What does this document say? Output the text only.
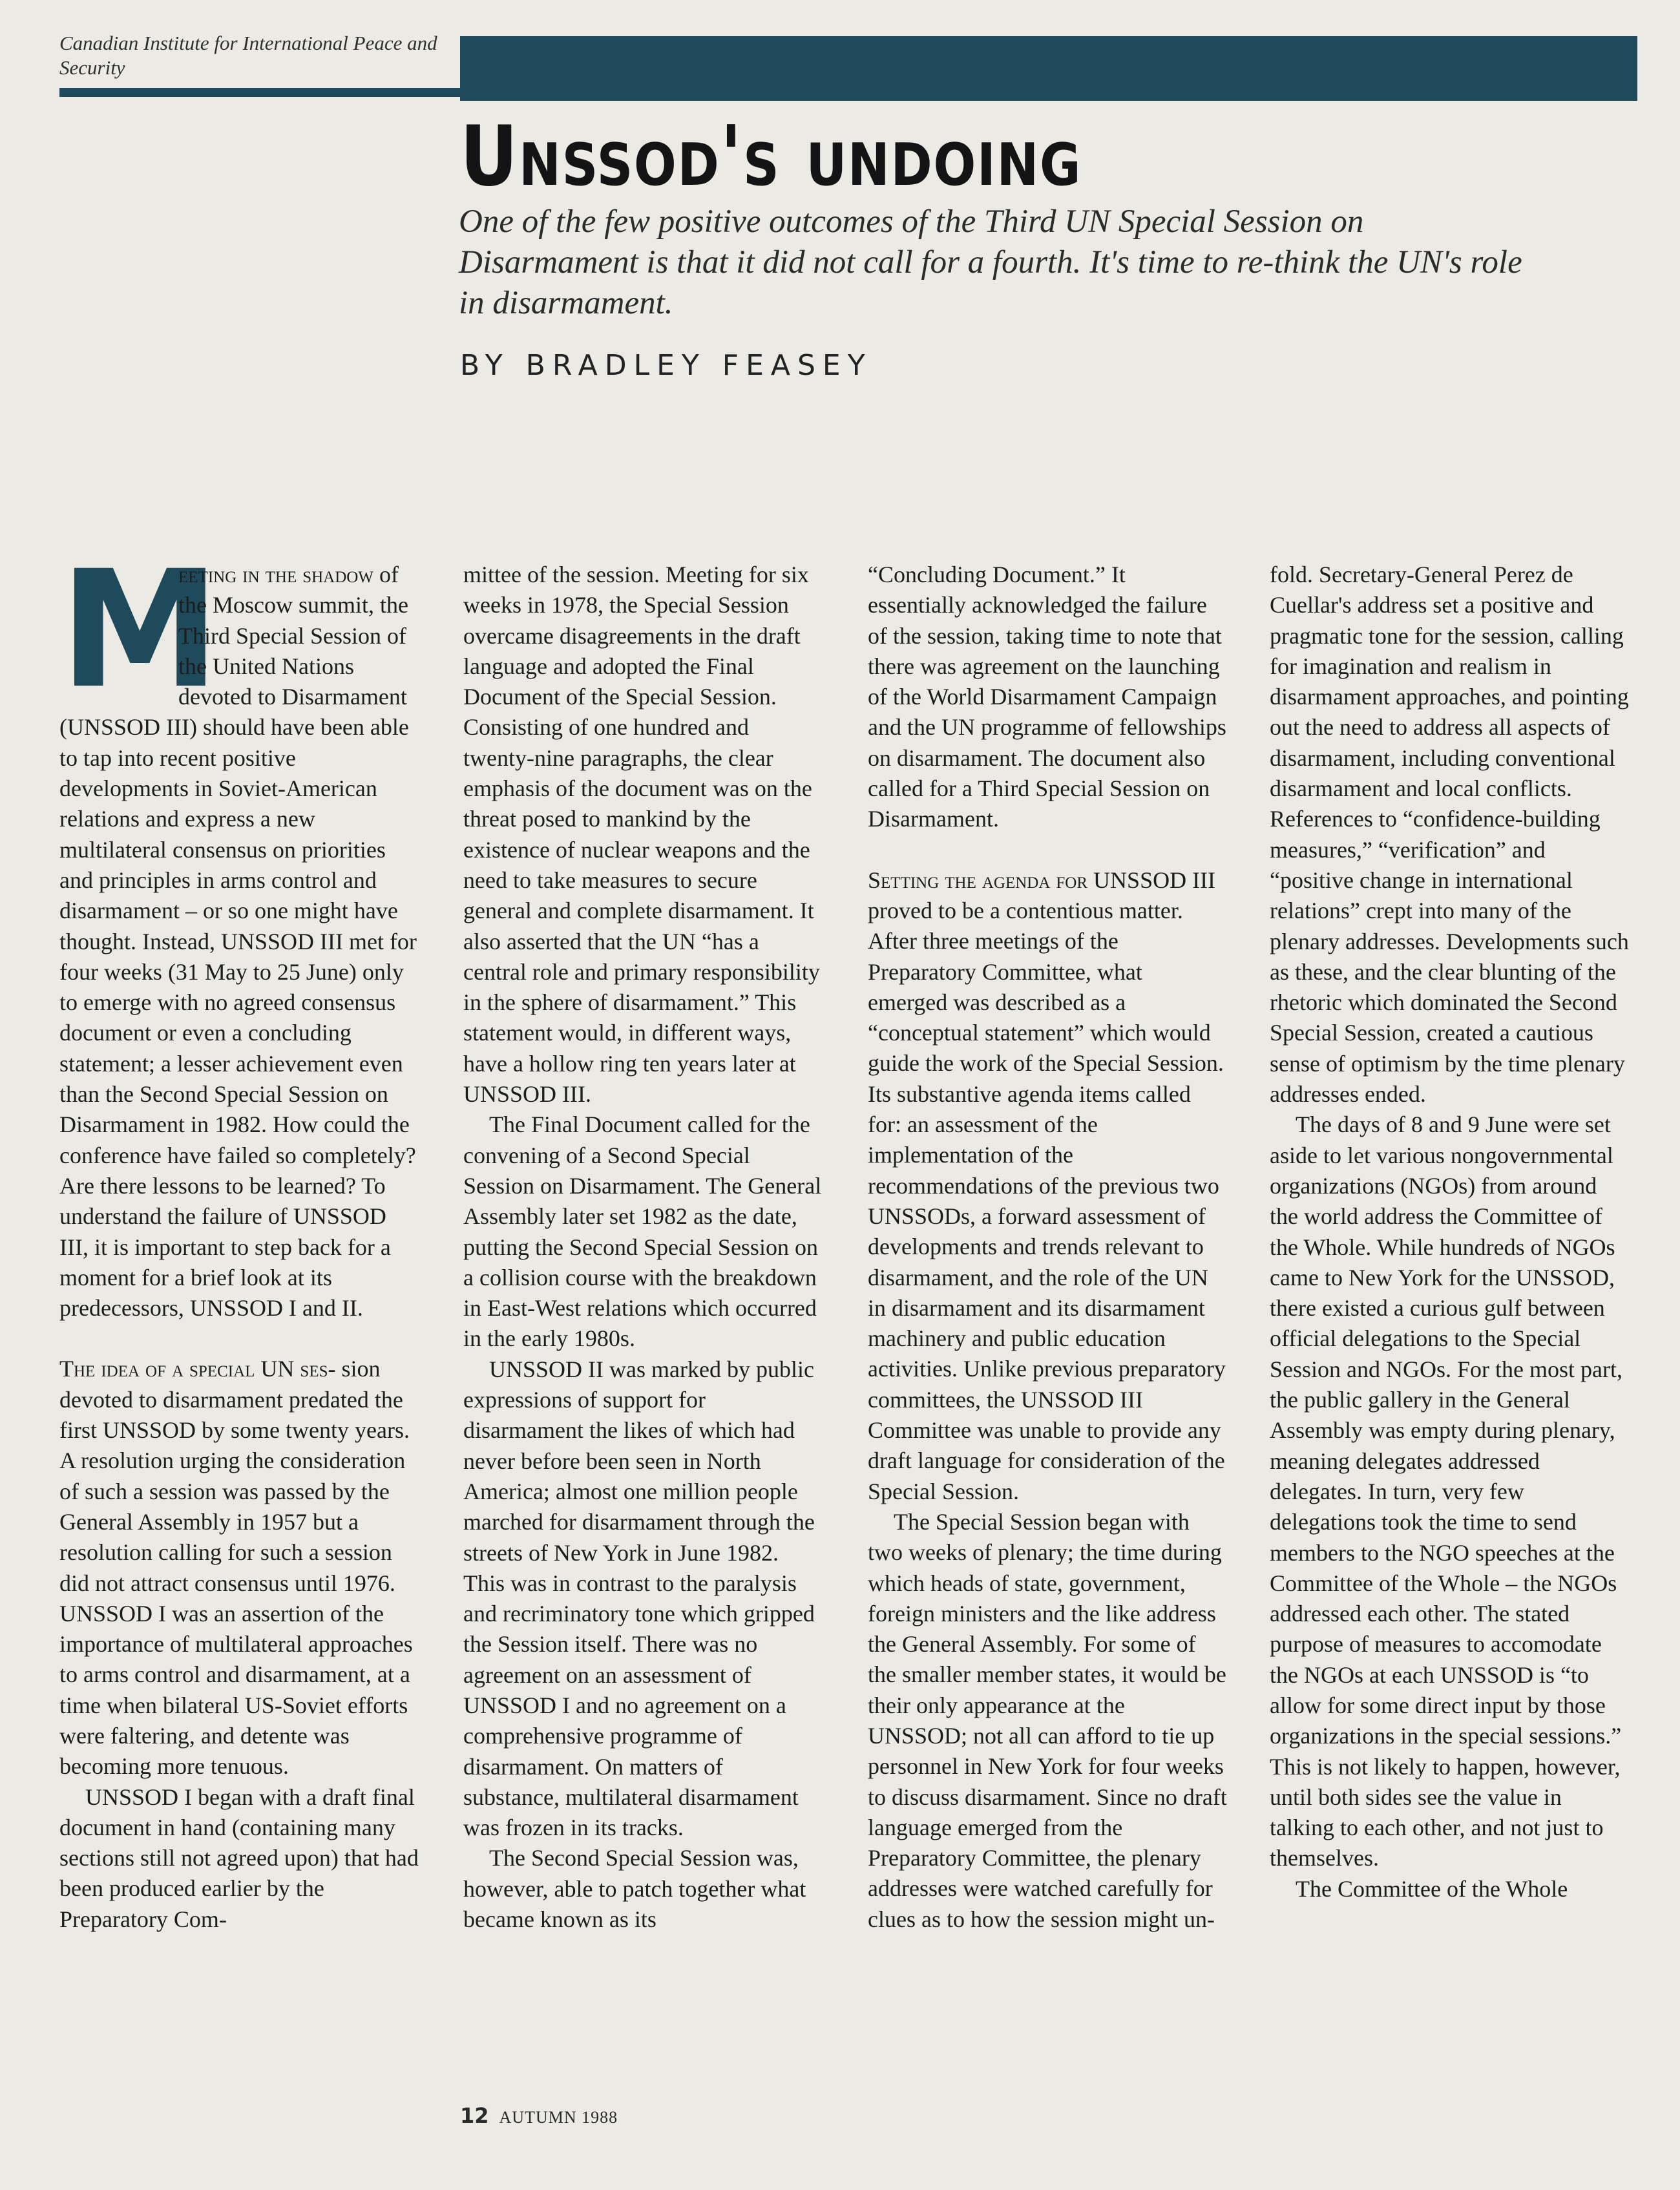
Canadian Institute for International Peace and Security
Unssod's undoing
One of the few positive outcomes of the Third UN Special Session on Disarmament is that it did not call for a fourth. It's time to re-think the UN's role in disarmament.
BY BRADLEY FEASEY
M

eeting in the shadow of the Moscow summit, the Third Special Session of the United Nations devoted to Disarmament (UNSSOD III) should have been able to tap into recent positive developments in Soviet-American relations and express a new multilateral consensus on priorities and principles in arms control and disarmament – or so one might have thought. Instead, UNSSOD III met for four weeks (31 May to 25 June) only to emerge with no agreed consensus document or even a concluding statement; a lesser achievement even than the Second Special Session on Disarmament in 1982. How could the conference have failed so completely? Are there lessons to be learned? To understand the failure of UNSSOD III, it is important to step back for a moment for a brief look at its predecessors, UNSSOD I and II.

The idea of a special UN ses- sion devoted to disarmament predated the first UNSSOD by some twenty years. A resolution urging the consideration of such a session was passed by the General Assembly in 1957 but a resolution calling for such a session did not attract consensus until 1976. UNSSOD I was an assertion of the importance of multilateral approaches to arms control and disarmament, at a time when bilateral US-Soviet efforts were faltering, and detente was becoming more tenuous.

UNSSOD I began with a draft final document in hand (containing many sections still not agreed upon) that had been produced earlier by the Preparatory Com-

mittee of the session. Meeting for six weeks in 1978, the Special Session overcame disagreements in the draft language and adopted the Final Document of the Special Session. Consisting of one hundred and twenty-nine paragraphs, the clear emphasis of the document was on the threat posed to mankind by the existence of nuclear weapons and the need to take measures to secure general and complete disarmament. It also asserted that the UN “has a central role and primary responsibility in the sphere of disarmament.” This statement would, in different ways, have a hollow ring ten years later at UNSSOD III.

The Final Document called for the convening of a Second Special Session on Disarmament. The General Assembly later set 1982 as the date, putting the Second Special Session on a collision course with the breakdown in East-West relations which occurred in the early 1980s.

UNSSOD II was marked by public expressions of support for disarmament the likes of which had never before been seen in North America; almost one million people marched for disarmament through the streets of New York in June 1982. This was in contrast to the paralysis and recriminatory tone which gripped the Session itself. There was no agreement on an assessment of UNSSOD I and no agreement on a comprehensive programme of disarmament. On matters of substance, multilateral disarmament was frozen in its tracks.

The Second Special Session was, however, able to patch together what became known as its

“Concluding Document.” It essentially acknowledged the failure of the session, taking time to note that there was agreement on the launching of the World Disarmament Campaign and the UN programme of fellowships on disarmament. The document also called for a Third Special Session on Disarmament.

Setting the agenda for UNSSOD III proved to be a contentious matter. After three meetings of the Preparatory Committee, what emerged was described as a “conceptual statement” which would guide the work of the Special Session. Its substantive agenda items called for: an assessment of the implementation of the recommendations of the previous two UNSSODs, a forward assessment of developments and trends relevant to disarmament, and the role of the UN in disarmament and its disarmament machinery and public education activities. Unlike previous preparatory committees, the UNSSOD III Committee was unable to provide any draft language for consideration of the Special Session.

The Special Session began with two weeks of plenary; the time during which heads of state, government, foreign ministers and the like address the General Assembly. For some of the smaller member states, it would be their only appearance at the UNSSOD; not all can afford to tie up personnel in New York for four weeks to discuss disarmament. Since no draft language emerged from the Preparatory Committee, the plenary addresses were watched carefully for clues as to how the session might un-

fold. Secretary-General Perez de Cuellar's address set a positive and pragmatic tone for the session, calling for imagination and realism in disarmament approaches, and pointing out the need to address all aspects of disarmament, including conventional disarmament and local conflicts. References to “confidence-building measures,” “verification” and “positive change in international relations” crept into many of the plenary addresses. Developments such as these, and the clear blunting of the rhetoric which dominated the Second Special Session, created a cautious sense of optimism by the time plenary addresses ended.

The days of 8 and 9 June were set aside to let various nongovernmental organizations (NGOs) from around the world address the Committee of the Whole. While hundreds of NGOs came to New York for the UNSSOD, there existed a curious gulf between official delegations to the Special Session and NGOs. For the most part, the public gallery in the General Assembly was empty during plenary, meaning delegates addressed delegates. In turn, very few delegations took the time to send members to the NGO speeches at the Committee of the Whole – the NGOs addressed each other. The stated purpose of measures to accomodate the NGOs at each UNSSOD is “to allow for some direct input by those organizations in the special sessions.” This is not likely to happen, however, until both sides see the value in talking to each other, and not just to themselves.

The Committee of the Whole

12 AUTUMN 1988
